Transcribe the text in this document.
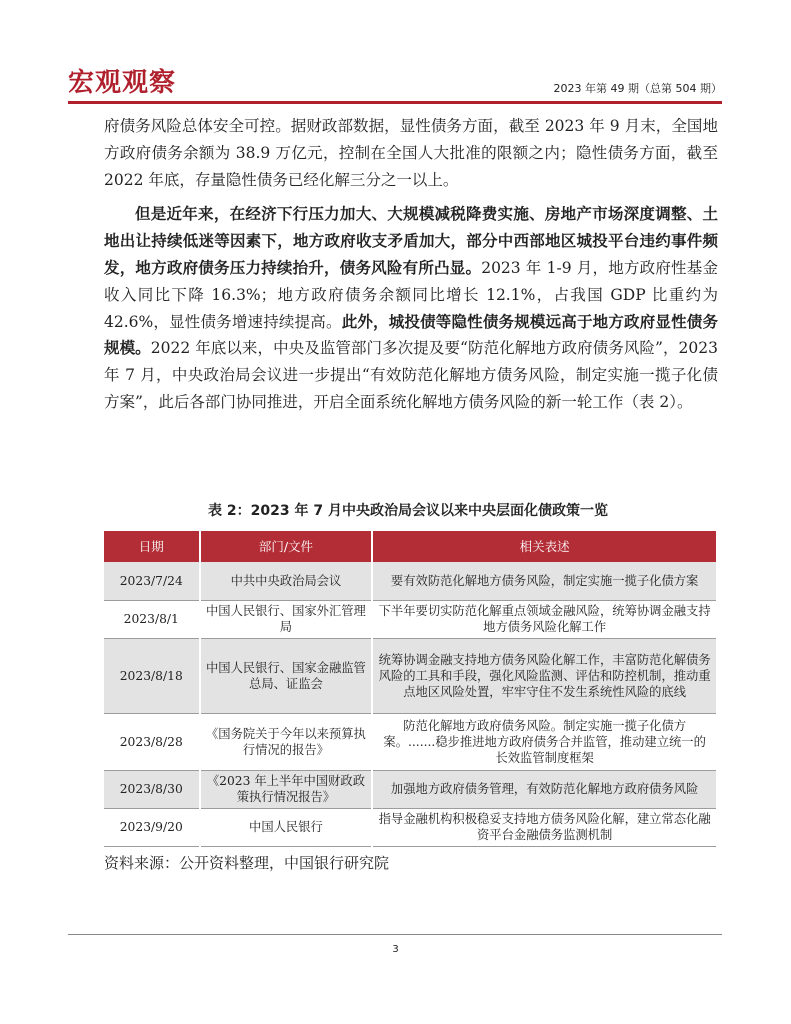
宏观观察	2023 年第 49 期（总第 504 期）

府债务风险总体安全可控。据财政部数据，显性债务方面，截至 2023 年 9 月末，全国地方政府债务余额为 38.9 万亿元，控制在全国人大批准的限额之内；隐性债务方面，截至 2022 年底，存量隐性债务已经化解三分之一以上。

但是近年来，在经济下行压力加大、大规模减税降费实施、房地产市场深度调整、土地出让持续低迷等因素下，地方政府收支矛盾加大，部分中西部地区城投平台违约事件频发，地方政府债务压力持续抬升，债务风险有所凸显。2023 年 1-9 月，地方政府性基金收入同比下降 16.3%；地方政府债务余额同比增长 12.1%，占我国 GDP 比重约为 42.6%，显性债务增速持续提高。此外，城投债等隐性债务规模远高于地方政府显性债务规模。2022 年底以来，中央及监管部门多次提及要“防范化解地方政府债务风险”，2023 年 7 月，中央政治局会议进一步提出“有效防范化解地方债务风险，制定实施一揽子化债方案”，此后各部门协同推进，开启全面系统化解地方债务风险的新一轮工作（表 2）。

表 2：2023 年 7 月中央政治局会议以来中央层面化债政策一览
日期	部门/文件	相关表述
2023/7/24	中共中央政治局会议	要有效防范化解地方债务风险，制定实施一揽子化债方案
2023/8/1	中国人民银行、国家外汇管理局	下半年要切实防范化解重点领域金融风险，统筹协调金融支持地方债务风险化解工作
2023/8/18	中国人民银行、国家金融监管总局、证监会	统筹协调金融支持地方债务风险化解工作，丰富防范化解债务风险的工具和手段，强化风险监测、评估和防控机制，推动重点地区风险处置，牢牢守住不发生系统性风险的底线
2023/8/28	《国务院关于今年以来预算执行情况的报告》	防范化解地方政府债务风险。制定实施一揽子化债方案。.......稳步推进地方政府债务合并监管，推动建立统一的长效监管制度框架
2023/8/30	《2023 年上半年中国财政政策执行情况报告》	加强地方政府债务管理，有效防范化解地方政府债务风险
2023/9/20	中国人民银行	指导金融机构积极稳妥支持地方债务风险化解，建立常态化融资平台金融债务监测机制
资料来源：公开资料整理，中国银行研究院
3
